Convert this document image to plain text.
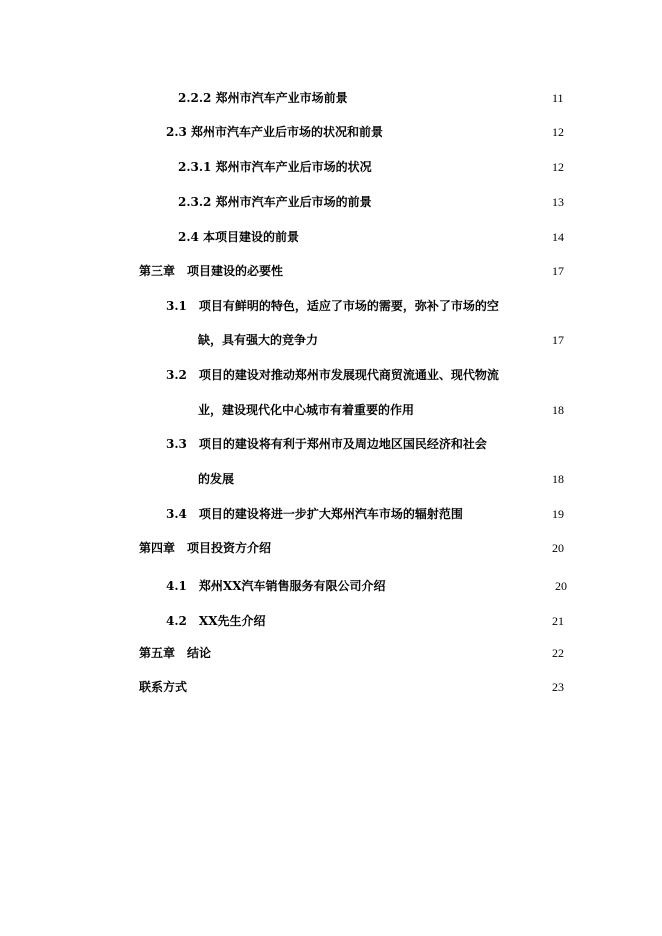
2.2.2 郑州市汽车产业市场前景	11
2.3 郑州市汽车产业后市场的状况和前景	12
2.3.1 郑州市汽车产业后市场的状况	12
2.3.2 郑州市汽车产业后市场的前景	13
2.4 本项目建设的前景	14
第三章　项目建设的必要性	17
3.1　项目有鲜明的特色，适应了市场的需要，弥补了市场的空
缺，具有强大的竞争力	17
3.2　项目的建设对推动郑州市发展现代商贸流通业、现代物流
业，建设现代化中心城市有着重要的作用	18
3.3　项目的建设将有利于郑州市及周边地区国民经济和社会
的发展	18
3.4　项目的建设将进一步扩大郑州汽车市场的辐射范围	19
第四章　项目投资方介绍	20
4.1　郑州XX汽车销售服务有限公司介绍	20
4.2　XX先生介绍	21
第五章　结论	22
联系方式	23
